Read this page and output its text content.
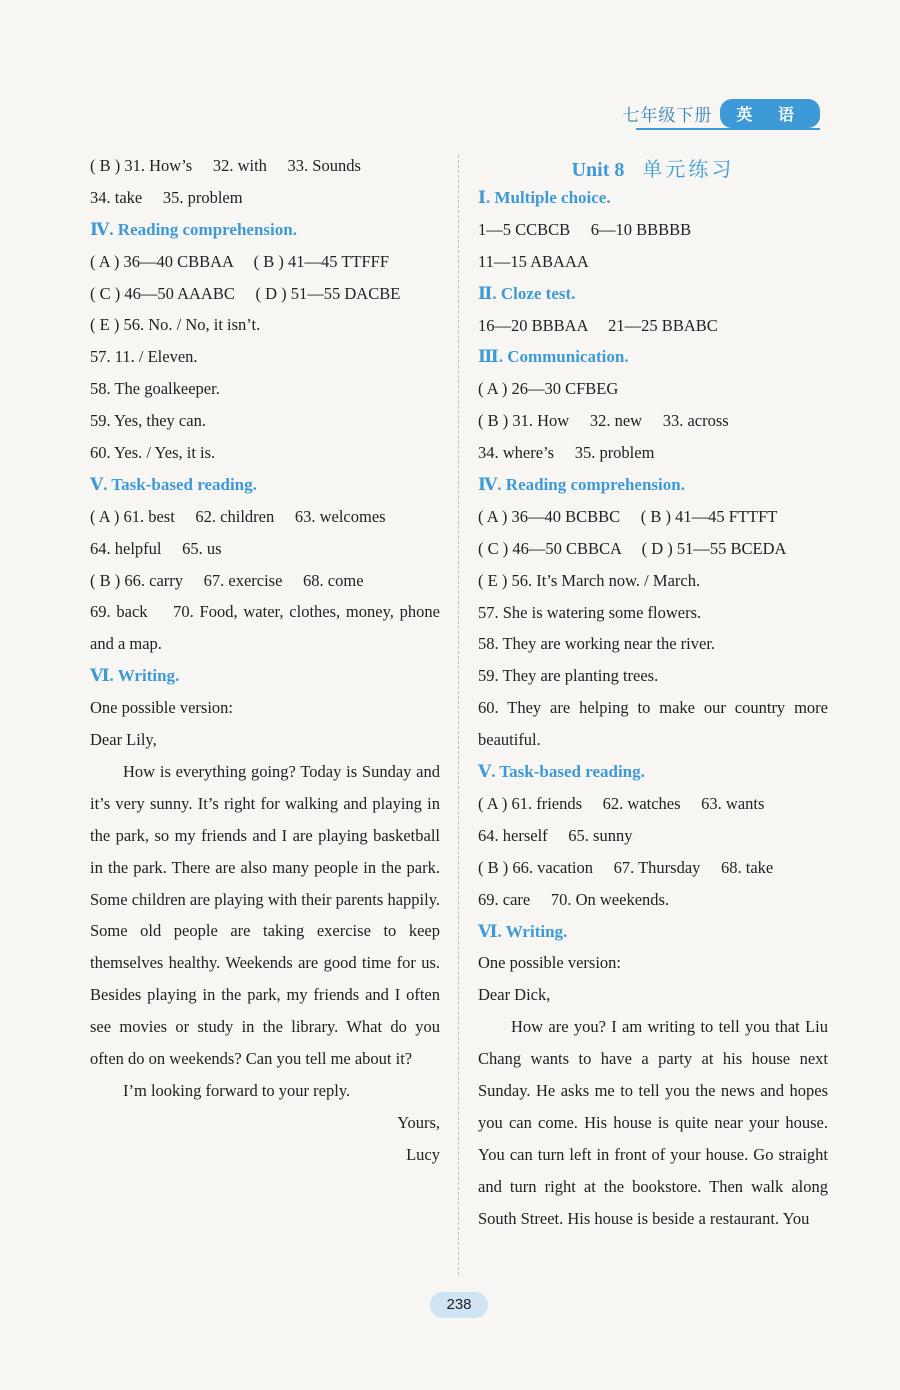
七年级下册	英 语
( B ) 31. How’s　 32. with　 33. Sounds
34. take　 35. problem
Ⅳ. Reading comprehension.
( A ) 36—40 CBBAA　 ( B ) 41—45 TTFFF
( C ) 46—50 AAABC　 ( D ) 51—55 DACBE
( E ) 56. No. / No, it isn’t.
57. 11. / Eleven.
58. The goalkeeper.
59. Yes, they can.
60. Yes. / Yes, it is.
Ⅴ. Task-based reading.
( A ) 61. best　 62. children　 63. welcomes
64. helpful　 65. us
( B ) 66. carry　 67. exercise　 68. come

69. back　 70. Food, water, clothes, money, phone and a map.

Ⅵ. Writing.
One possible version:
Dear Lily,

How is everything going? Today is Sunday and it’s very sunny. It’s right for walking and playing in the park, so my friends and I are playing basketball in the park. There are also many people in the park. Some children are playing with their parents happily. Some old people are taking exercise to keep themselves healthy. Weekends are good time for us. Besides playing in the park, my friends and I often see movies or study in the library. What do you often do on weekends? Can you tell me about it?

I’m looking forward to your reply.
Yours,
Lucy
Unit 8 单元练习
Ⅰ. Multiple choice.
1—5 CCBCB　 6—10 BBBBB
11—15 ABAAA
Ⅱ. Cloze test.
16—20 BBBAA　 21—25 BBABC
Ⅲ. Communication.
( A ) 26—30 CFBEG
( B ) 31. How　 32. new　 33. across
34. where’s　 35. problem
Ⅳ. Reading comprehension.
( A ) 36—40 BCBBC　 ( B ) 41—45 FTTFT
( C ) 46—50 CBBCA　 ( D ) 51—55 BCEDA
( E ) 56. It’s March now. / March.
57. She is watering some flowers.
58. They are working near the river.
59. They are planting trees.

60. They are helping to make our country more beautiful.

Ⅴ. Task-based reading.
( A ) 61. friends　 62. watches　 63. wants
64. herself　 65. sunny
( B ) 66. vacation　 67. Thursday　 68. take
69. care　 70. On weekends.
Ⅵ. Writing.
One possible version:
Dear Dick,

How are you? I am writing to tell you that Liu Chang wants to have a party at his house next Sunday. He asks me to tell you the news and hopes you can come. His house is quite near your house. You can turn left in front of your house. Go straight and turn right at the bookstore. Then walk along South Street. His house is beside a restaurant. You

238
